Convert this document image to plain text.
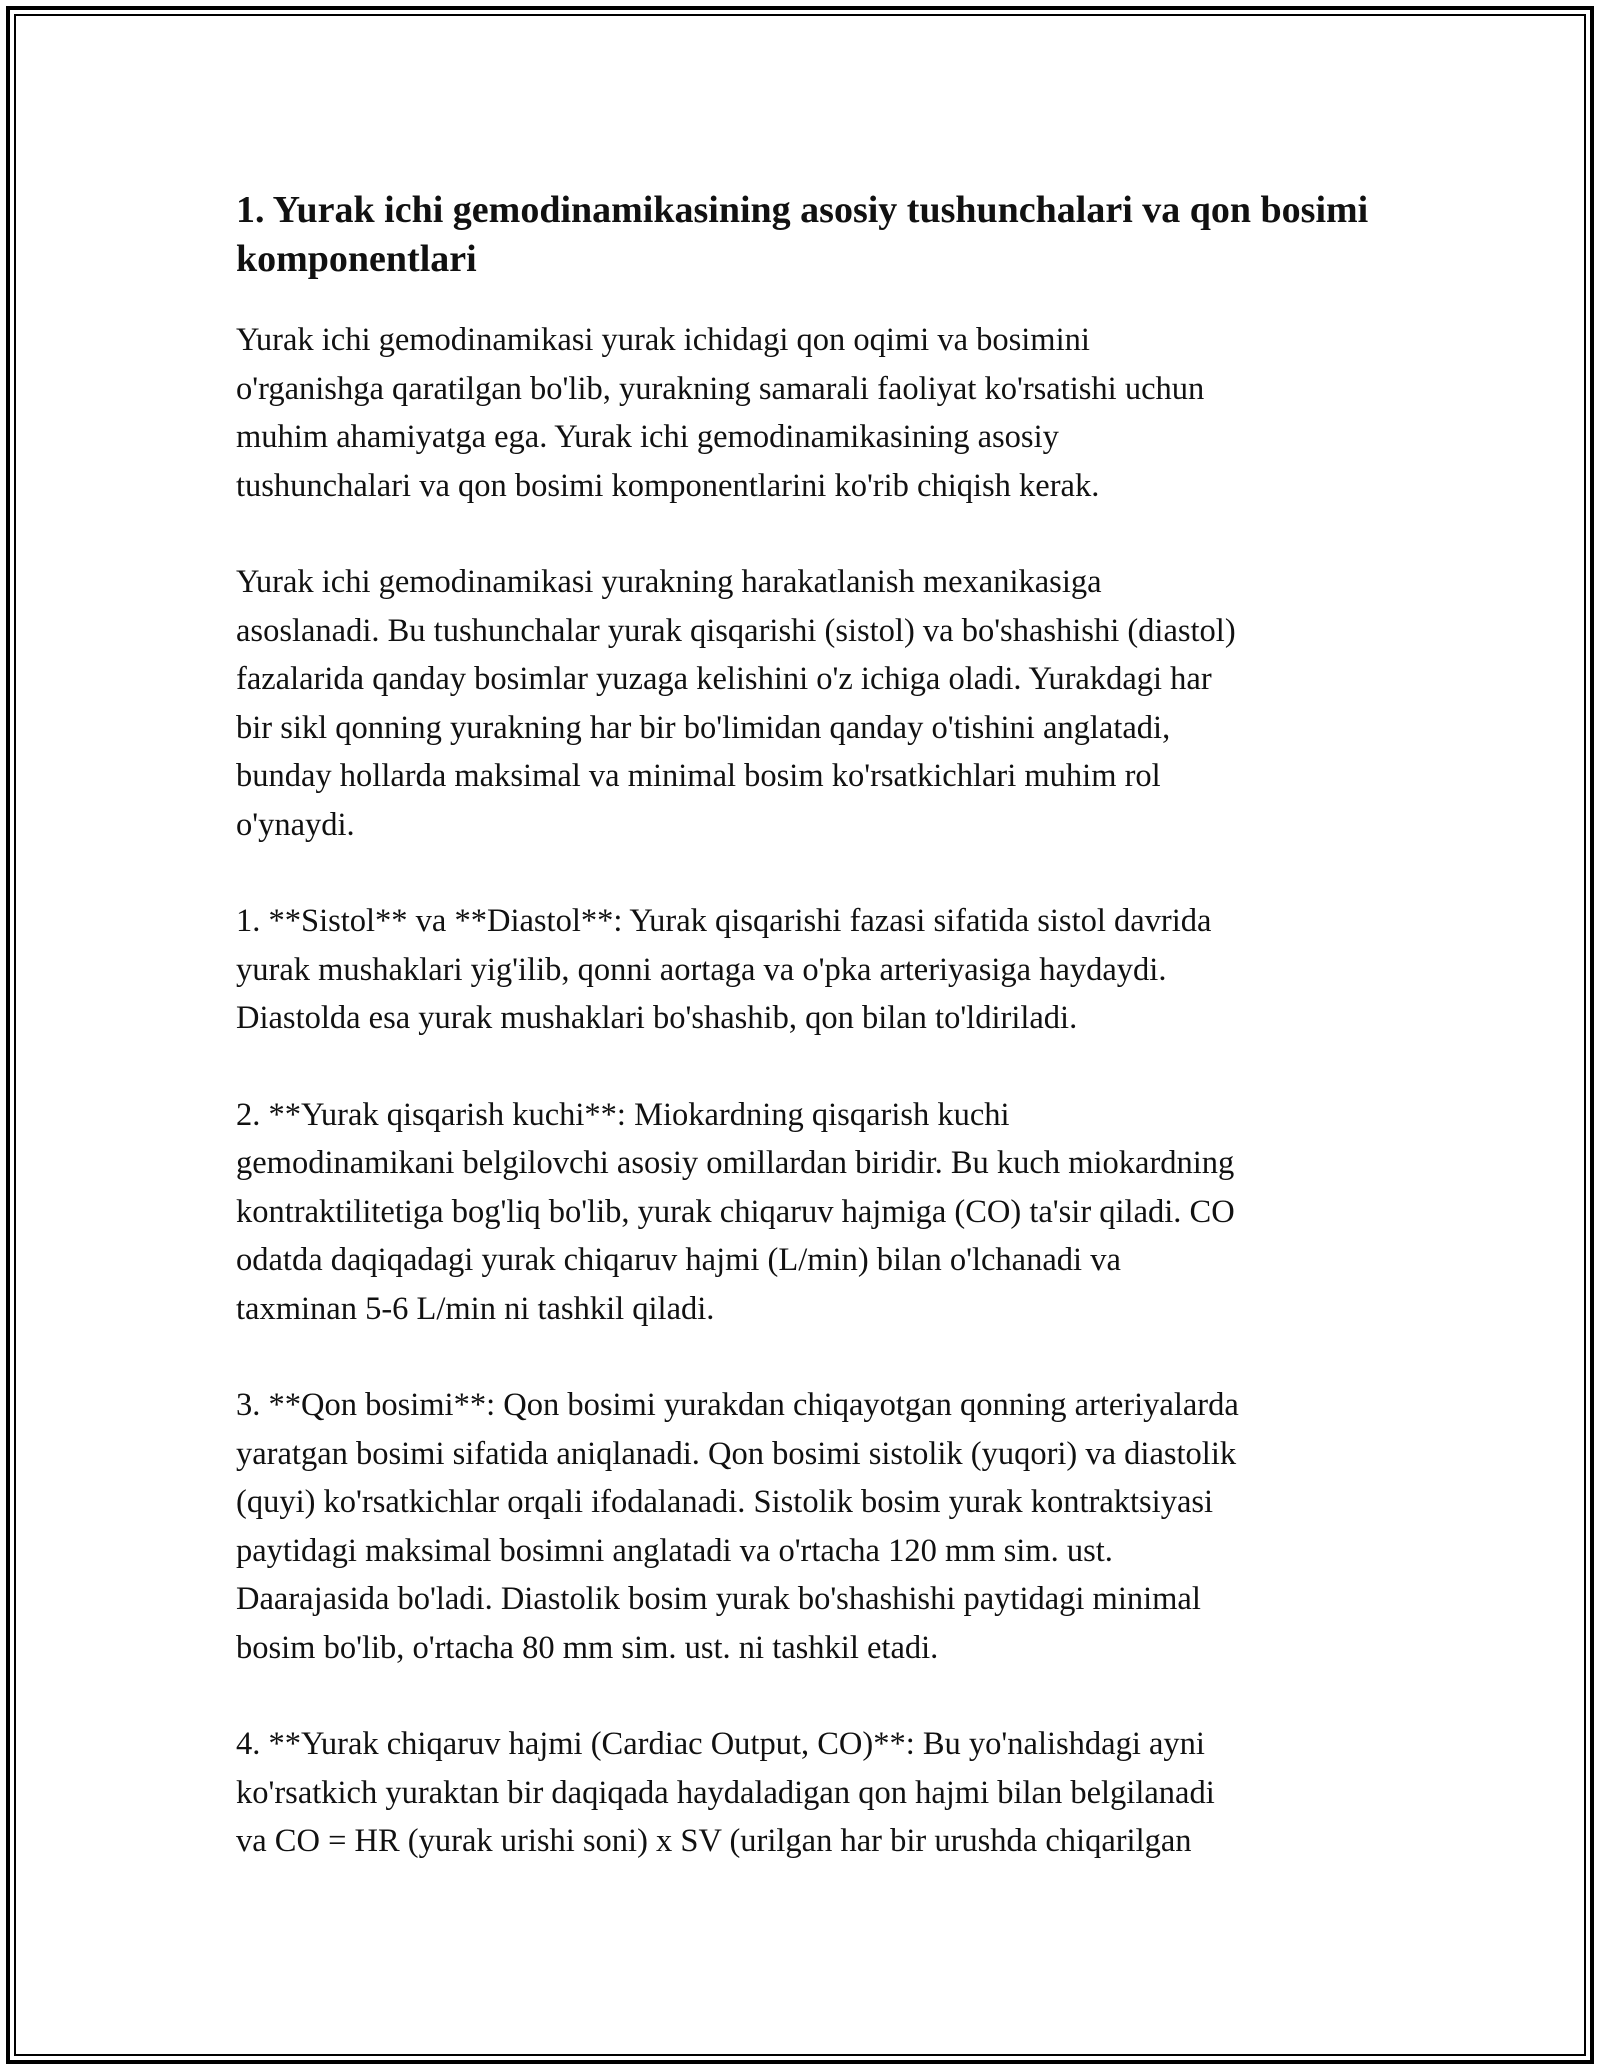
1. Yurak ichi gemodinamikasining asosiy tushunchalari va qon bosimi komponentlari

Yurak ichi gemodinamikasi yurak ichidagi qon oqimi va bosimini
o'rganishga qaratilgan bo'lib, yurakning samarali faoliyat ko'rsatishi uchun
muhim ahamiyatga ega. Yurak ichi gemodinamikasining asosiy
tushunchalari va qon bosimi komponentlarini ko'rib chiqish kerak.

Yurak ichi gemodinamikasi yurakning harakatlanish mexanikasiga
asoslanadi. Bu tushunchalar yurak qisqarishi (sistol) va bo'shashishi (diastol)
fazalarida qanday bosimlar yuzaga kelishini o'z ichiga oladi. Yurakdagi har
bir sikl qonning yurakning har bir bo'limidan qanday o'tishini anglatadi,
bunday hollarda maksimal va minimal bosim ko'rsatkichlari muhim rol
o'ynaydi.

1. **Sistol** va **Diastol**: Yurak qisqarishi fazasi sifatida sistol davrida
yurak mushaklari yig'ilib, qonni aortaga va o'pka arteriyasiga haydaydi.
Diastolda esa yurak mushaklari bo'shashib, qon bilan to'ldiriladi.

2. **Yurak qisqarish kuchi**: Miokardning qisqarish kuchi
gemodinamikani belgilovchi asosiy omillardan biridir. Bu kuch miokardning
kontraktilitetiga bog'liq bo'lib, yurak chiqaruv hajmiga (CO) ta'sir qiladi. CO
odatda daqiqadagi yurak chiqaruv hajmi (L/min) bilan o'lchanadi va
taxminan 5-6 L/min ni tashkil qiladi.

3. **Qon bosimi**: Qon bosimi yurakdan chiqayotgan qonning arteriyalarda
yaratgan bosimi sifatida aniqlanadi. Qon bosimi sistolik (yuqori) va diastolik
(quyi) ko'rsatkichlar orqali ifodalanadi. Sistolik bosim yurak kontraktsiyasi
paytidagi maksimal bosimni anglatadi va o'rtacha 120 mm sim. ust.
Daarajasida bo'ladi. Diastolik bosim yurak bo'shashishi paytidagi minimal
bosim bo'lib, o'rtacha 80 mm sim. ust. ni tashkil etadi.

4. **Yurak chiqaruv hajmi (Cardiac Output, CO)**: Bu yo'nalishdagi ayni
ko'rsatkich yuraktan bir daqiqada haydaladigan qon hajmi bilan belgilanadi
va CO = HR (yurak urishi soni) x SV (urilgan har bir urushda chiqarilgan
